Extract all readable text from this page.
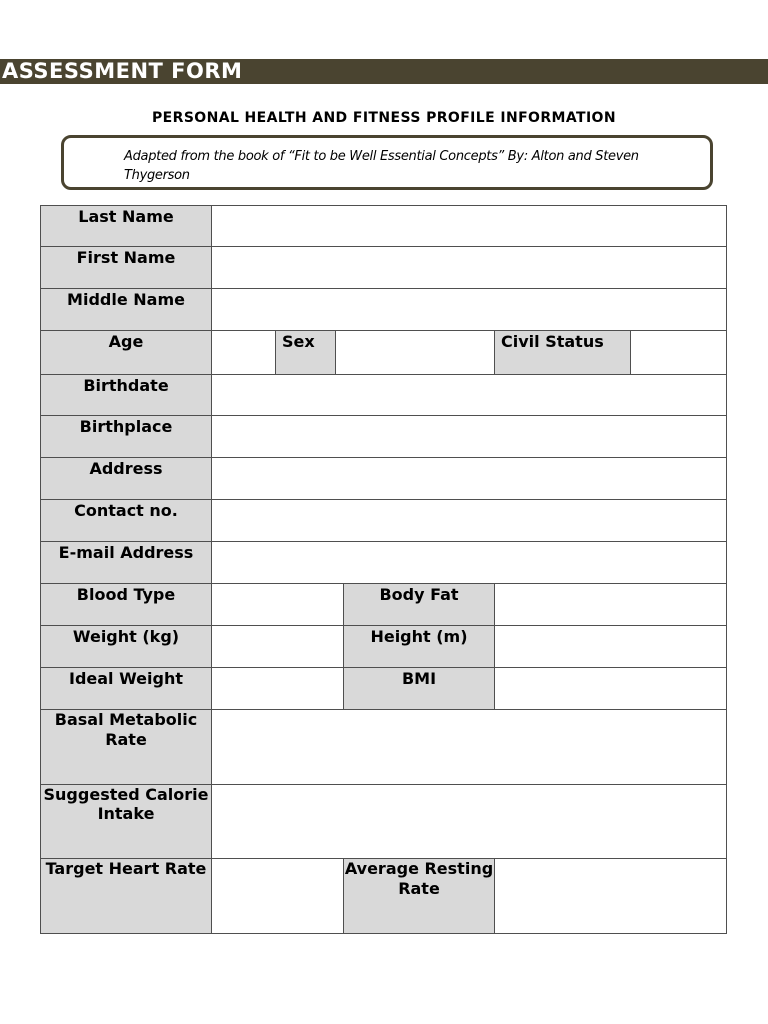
ASSESSMENT FORM
PERSONAL HEALTH AND FITNESS PROFILE INFORMATION
Adapted from the book of “Fit to be Well Essential Concepts” By: Alton and Steven Thygerson
Last Name
First Name
Middle Name
Age	Sex	Civil Status
Birthdate
Birthplace
Address
Contact no.
E-mail Address
Blood Type	Body Fat
Weight (kg)	Height (m)
Ideal Weight	BMI
Basal Metabolic Rate
Suggested Calorie Intake
Target Heart Rate	Average Resting Rate
